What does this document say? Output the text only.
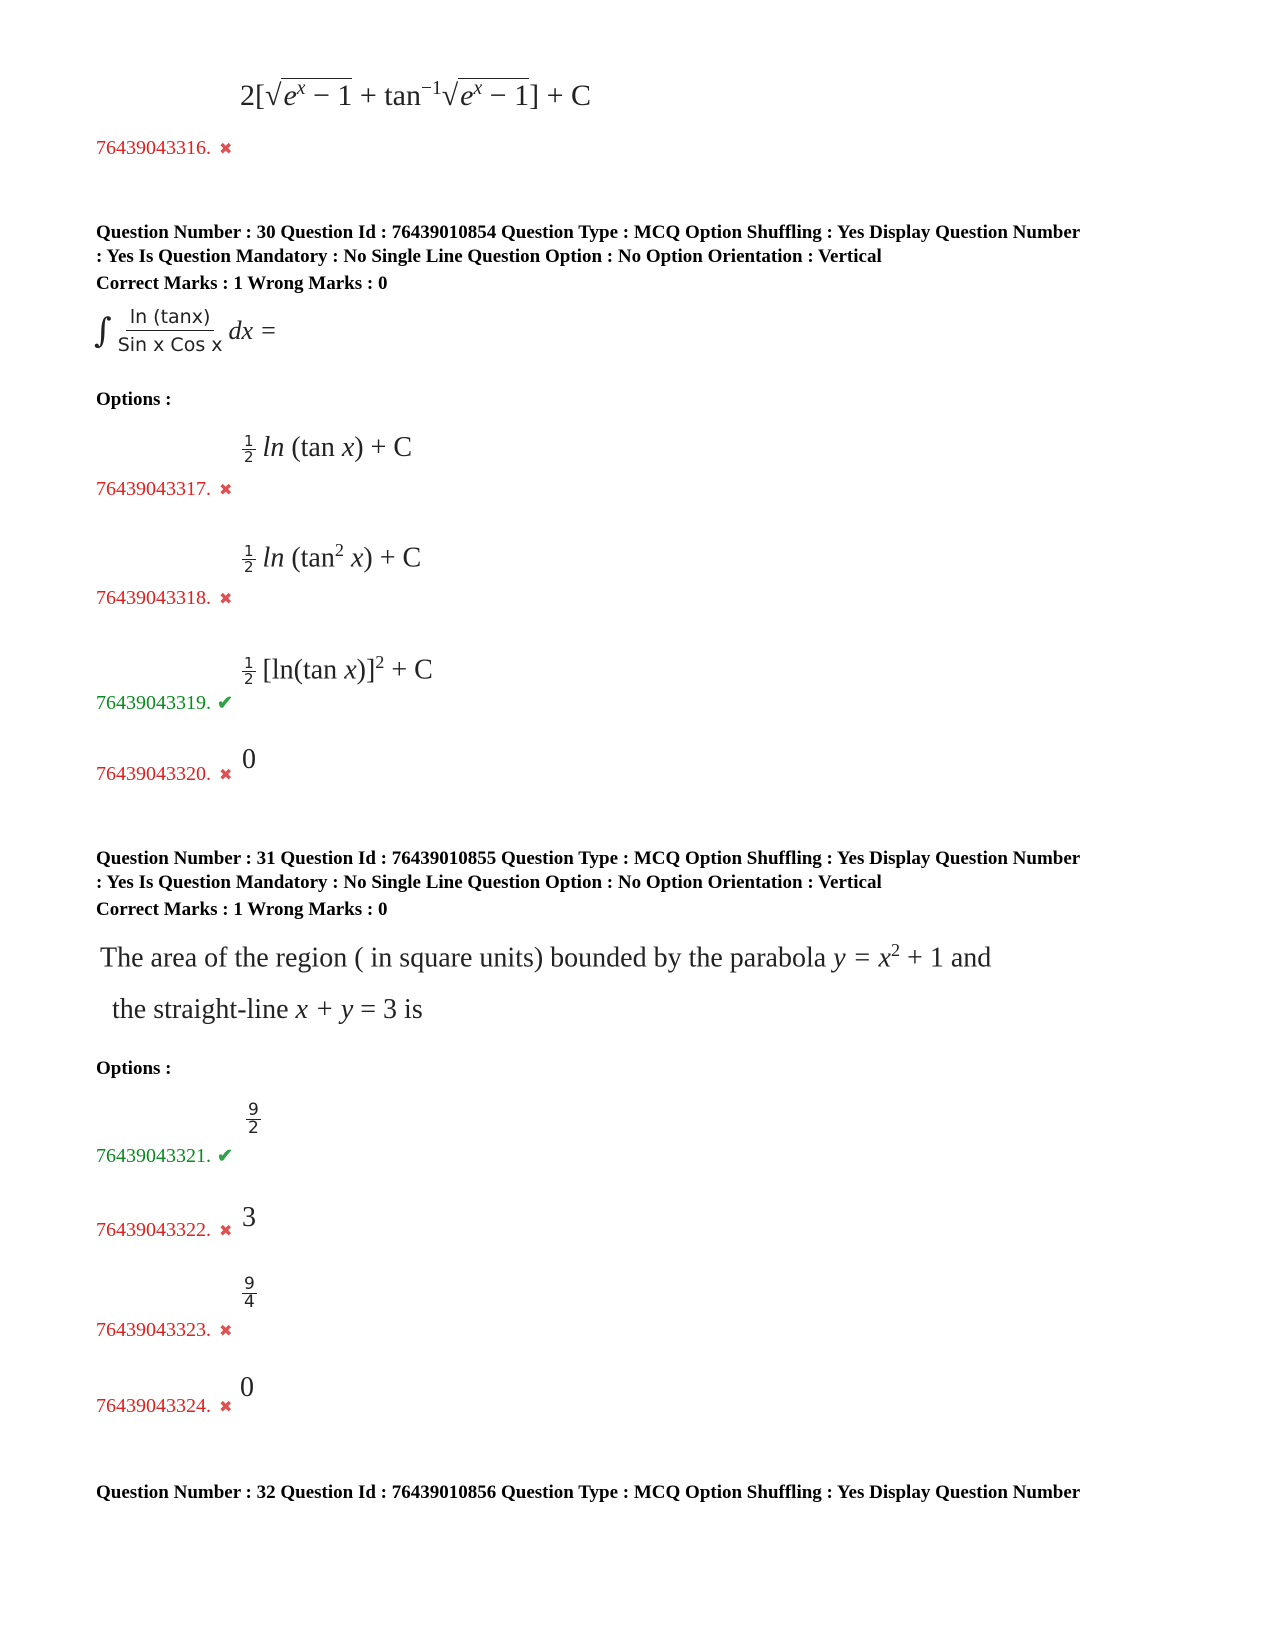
$2[√e^x - 1 + \tan^{-1}√e^x - 1] + C$
76439043316. ✖
Question Number : 30 Question Id : 76439010854 Question Type : MCQ Option Shuffling : Yes Display Question Number
: Yes Is Question Mandatory : No Single Line Question Option : No Option Orientation : Vertical
Correct Marks : 1 Wrong Marks : 0
∫ ln (tanx)
Sin x Cos x dx =
Options :
$\frac{1}{2}$ ln (tan x) + C
76439043317. ✖
$\frac{1}{2}$ $\ln (\tan^2$ x) + C
76439043318. ✖
$\frac{1}{2} [\ln(\tan$ x)]$^2$ + C
76439043319. ✔
0
76439043320. ✖
Question Number : 31 Question Id : 76439010855 Question Type : MCQ Option Shuffling : Yes Display Question Number
: Yes Is Question Mandatory : No Single Line Question Option : No Option Orientation : Vertical
Correct Marks : 1 Wrong Marks : 0
The area of the region ( in square units) bounded by the parabola $y = x^2 + 1$ and
the straight-line x + y = 3 is
Options :
$\frac{9}{2}$
76439043321. ✔
3
76439043322. ✖
$\frac{9}{4}$
76439043323. ✖
0
76439043324. ✖
Question Number : 32 Question Id : 76439010856 Question Type : MCQ Option Shuffling : Yes Display Question Number
